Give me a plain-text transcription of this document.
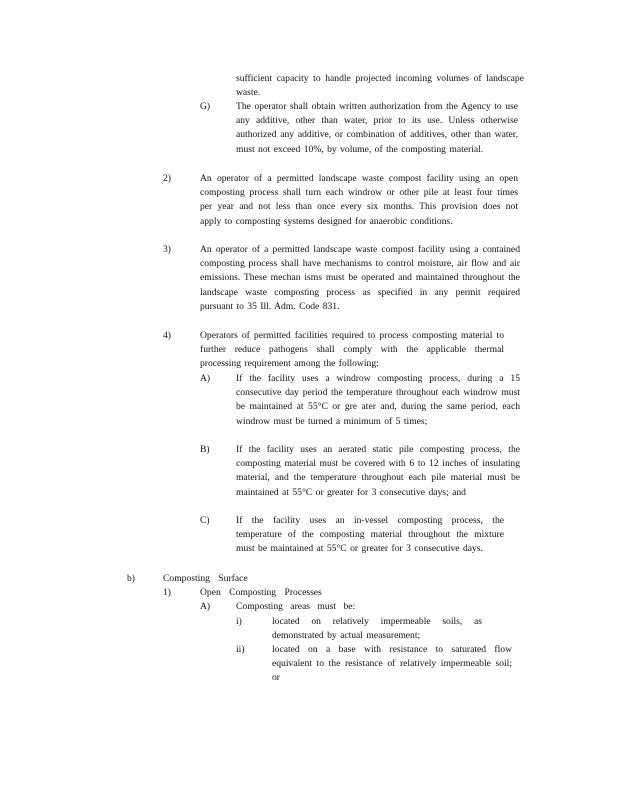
sufficient capacity to handle projected incoming volumes of landscape waste.
G)	The operator shall obtain written authorization from the Agency to use any additive, other than water, prior to its use. Unless otherwise authorized any additive, or combination of additives, other than water, must not exceed 10%, by volume, of the composting material.
2)	An operator of a permitted landscape waste compost facility using an open composting process shall turn each windrow or other pile at least four times per year and not less than once every six months. This provision does not apply to composting systems designed for anaerobic conditions.
3)	An operator of a permitted landscape waste compost facility using a contained composting process shall have mechanisms to control moisture, air flow and air emissions. These mechan isms must be operated and maintained throughout the landscape waste composting process as specified in any permit required pursuant to 35 Ill. Adm. Code 831.
4)	Operators of permitted facilities required to process composting material to further reduce pathogens shall comply with the applicable thermal processing requirement among the following:
A)	If the facility uses a windrow composting process, during a 15 consecutive day period the temperature throughout each windrow must be maintained at 55°C or gre ater and, during the same period, each windrow must be turned a minimum of 5 times;
B)	If the facility uses an aerated static pile composting process, the composting material must be covered with 6 to 12 inches of insulating material, and the temperature throughout each pile material must be maintained at 55°C or greater for 3 consecutive days; and
C)	If the facility uses an in-vessel composting process, the temperature of the composting material throughout the mixture must be maintained at 55°C or greater for 3 consecutive days.
b)	Composting Surface
1)	Open Composting Processes
A)	Composting areas must be:
i)	located on relatively impermeable soils, as demonstrated by actual measurement;
ii)	located on a base with resistance to saturated flow equivalent to the resistance of relatively impermeable soil; or
